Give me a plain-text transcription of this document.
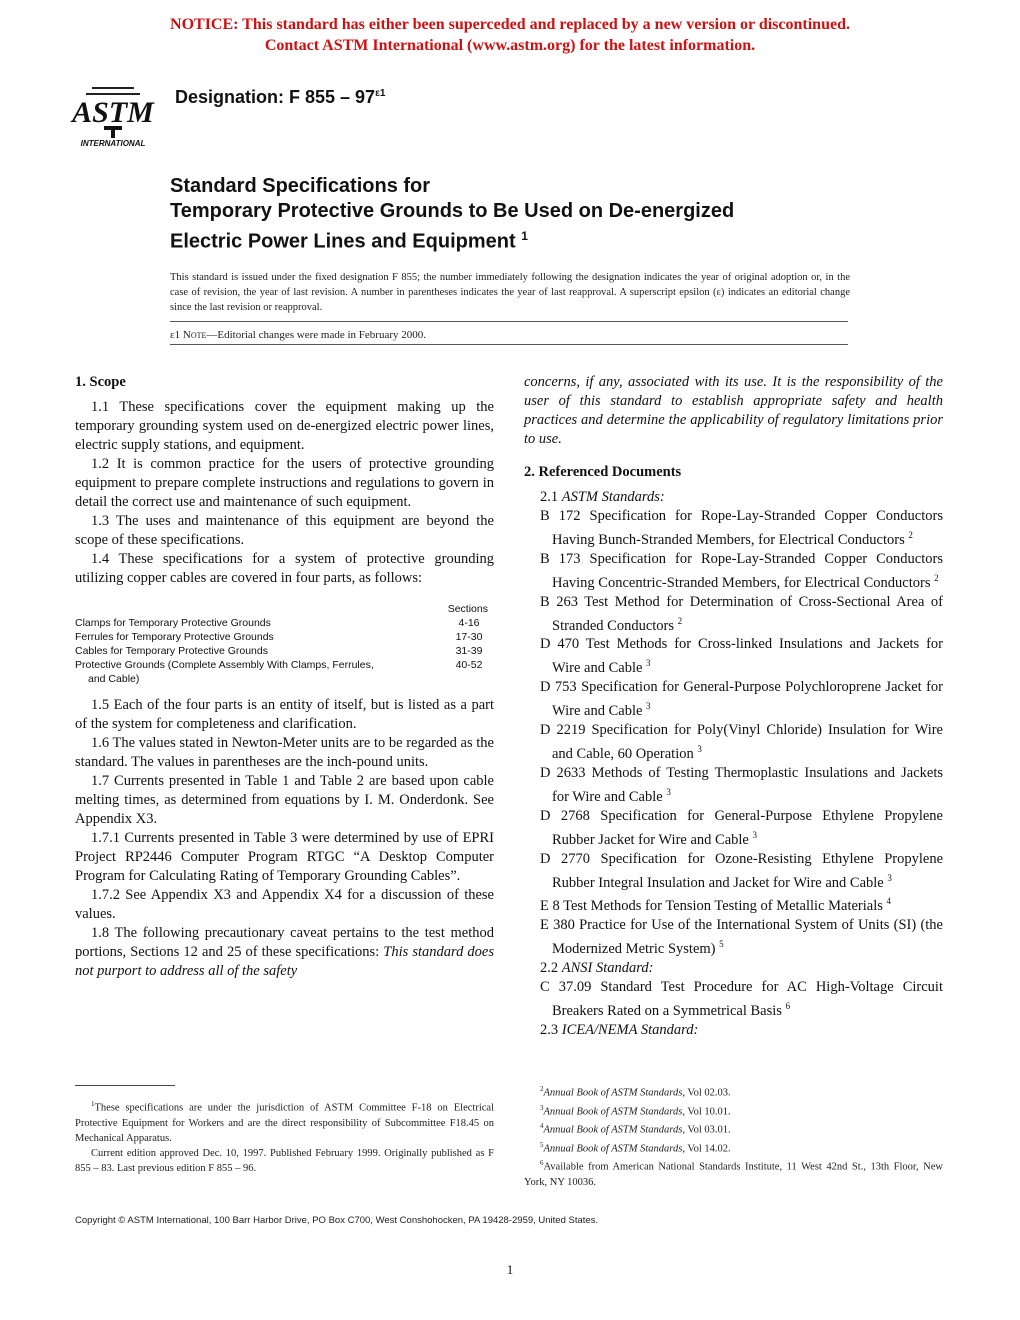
NOTICE: This standard has either been superceded and replaced by a new version or discontinued.
Contact ASTM International (www.astm.org) for the latest information.
ASTM
INTERNATIONAL
Designation: F $855 - 97^{\varepsilon 1}$
Standard Specifications for
Temporary Protective Grounds to Be Used on De-energized
Electric Power Lines and Equipment $^1$
This standard is issued under the fixed designation F 855; the number immediately following the designation indicates the year of original adoption or, in the case of revision, the year of last revision. A number in parentheses indicates the year of last reapproval. A superscript epsilon (ε) indicates an editorial change since the last revision or reapproval.
ε1 Note—Editorial changes were made in February 2000.
1. Scope

1.1 These specifications cover the equipment making up the temporary grounding system used on de-energized electric power lines, electric supply stations, and equipment.

1.2 It is common practice for the users of protective grounding equipment to prepare complete instructions and regulations to govern in detail the correct use and maintenance of such equipment.

1.3 The uses and maintenance of this equipment are beyond the scope of these specifications.

1.4 These specifications for a system of protective grounding utilizing copper cables are covered in four parts, as follows:

Sections
Clamps for Temporary Protective Grounds	4-16
Ferrules for Temporary Protective Grounds	17-30
Cables for Temporary Protective Grounds	31-39
Protective Grounds (Complete Assembly With Clamps, Ferrules,	40-52
and Cable)

1.5 Each of the four parts is an entity of itself, but is listed as a part of the system for completeness and clarification.

1.6 The values stated in Newton-Meter units are to be regarded as the standard. The values in parentheses are the inch-pound units.

1.7 Currents presented in Table 1 and Table 2 are based upon cable melting times, as determined from equations by I. M. Onderdonk. See Appendix X3.

1.7.1 Currents presented in Table 3 were determined by use of EPRI Project RP2446 Computer Program RTGC “A Desktop Computer Program for Calculating Rating of Temporary Grounding Cables”.

1.7.2 See Appendix X3 and Appendix X4 for a discussion of these values.

1.8 The following precautionary caveat pertains to the test method portions, Sections 12 and 25 of these specifications: This standard does not purport to address all of the safety

concerns, if any, associated with its use. It is the responsibility of the user of this standard to establish appropriate safety and health practices and determine the applicability of regulatory limitations prior to use.

2. Referenced Documents

2.1 ASTM Standards:

B 172 Specification for Rope-Lay-Stranded Copper Conductors Having Bunch-Stranded Members, for Electrical Conductors $^2$

B 173 Specification for Rope-Lay-Stranded Copper Conductors Having Concentric-Stranded Members, for Electrical Conductors $^2$

B 263 Test Method for Determination of Cross-Sectional Area of Stranded Conductors $^2$

D 470 Test Methods for Cross-linked Insulations and Jackets for Wire and Cable $^3$

D 753 Specification for General-Purpose Polychloroprene Jacket for Wire and Cable $^3$

D 2219 Specification for Poly(Vinyl Chloride) Insulation for Wire and Cable, 60 Operation $^3$

D 2633 Methods of Testing Thermoplastic Insulations and Jackets for Wire and Cable $^3$

D 2768 Specification for General-Purpose Ethylene Propylene Rubber Jacket for Wire and Cable $^3$

D 2770 Specification for Ozone-Resisting Ethylene Propylene Rubber Integral Insulation and Jacket for Wire and Cable $^3$

E 8 Test Methods for Tension Testing of Metallic Materials $^4$

E 380 Practice for Use of the International System of Units (SI) (the Modernized Metric System) $^5$

2.2 ANSI Standard:

C 37.09 Standard Test Procedure for AC High-Voltage Circuit Breakers Rated on a Symmetrical Basis $^6$

2.3 ICEA/NEMA Standard:

$^1$These specifications are under the jurisdiction of ASTM Committee F-18 on Electrical Protective Equipment for Workers and are the direct responsibility of Subcommittee F18.45 on Mechanical Apparatus.

Current edition approved Dec. 10, 1997. Published February 1999. Originally published as F 855 – 83. Last previous edition F 855 – 96.

$^2$Annual Book of ASTM Standards, Vol 02.03.

$^3$Annual Book of ASTM Standards, Vol 10.01.

$^4$Annual Book of ASTM Standards, Vol 03.01.

$^5$Annual Book of ASTM Standards, Vol 14.02.

$^6$Available from American National Standards Institute, 11 West 42nd St., 13th Floor, New York, NY 10036.

Copyright © ASTM International, 100 Barr Harbor Drive, PO Box C700, West Conshohocken, PA 19428-2959, United States.
1
